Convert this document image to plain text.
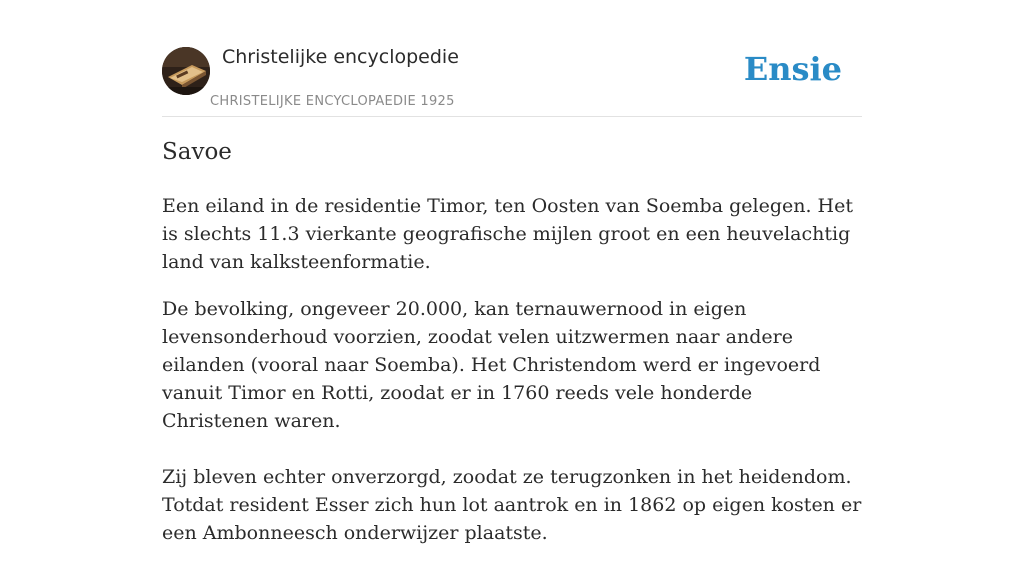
Christelijke encyclopedie
CHRISTELIJKE ENCYCLOPAEDIE 1925
Ensie
Savoe

Een eiland in de residentie Timor, ten Oosten van Soemba gelegen. Het is slechts 11.3 vierkante geografische mijlen groot en een heuvelachtig land van kalksteenformatie.

De bevolking, ongeveer 20.000, kan ternauwernood in eigen levensonderhoud voorzien, zoodat velen uitzwermen naar andere eilanden (vooral naar Soemba). Het Christendom werd er ingevoerd vanuit Timor en Rotti, zoodat er in 1760 reeds vele honderde Christenen waren.

Zij bleven echter onverzorgd, zoodat ze terugzonken in het heidendom. Totdat resident Esser zich hun lot aantrok en in 1862 op eigen kosten er een Ambonneesch onderwijzer plaatste.
